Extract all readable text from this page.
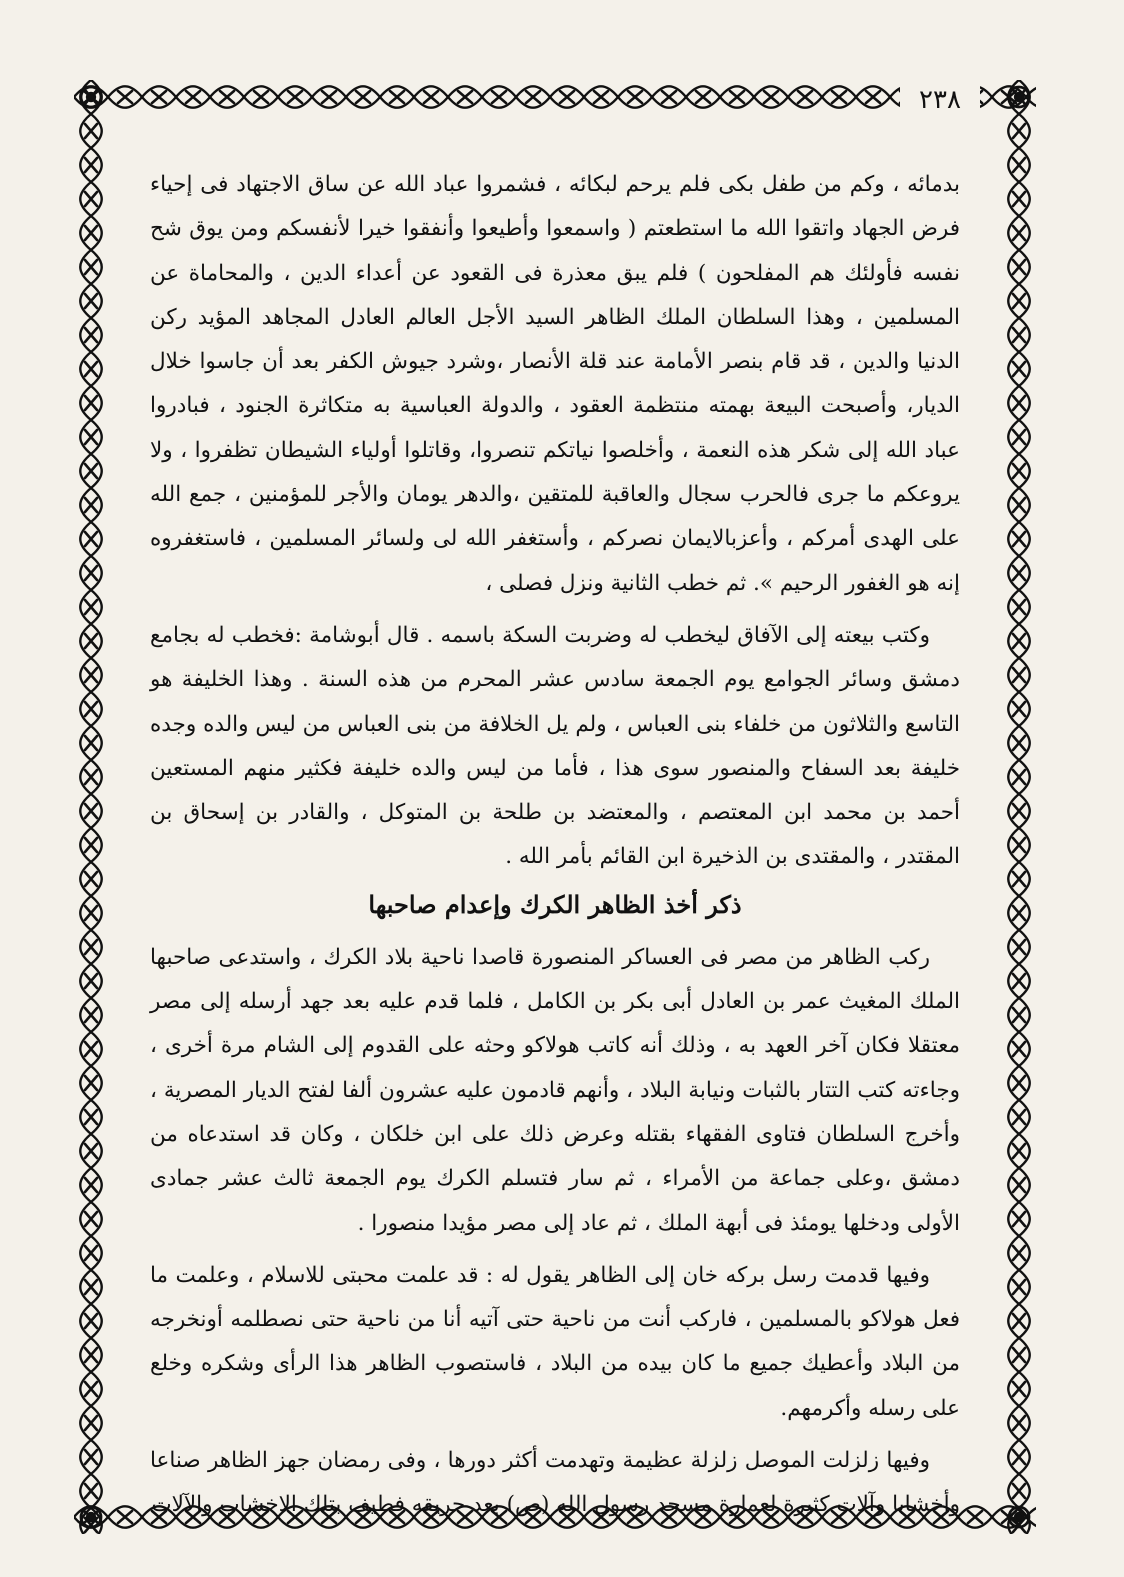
٢٣٨

بدمائه ، وكم من طفل بكى فلم يرحم لبكائه ، فشمروا عباد الله عن ساق الاجتهاد فى إحياء فرض الجهاد واتقوا الله ما استطعتم ( واسمعوا وأطيعوا وأنفقوا خيرا لأنفسكم ومن يوق شح نفسه فأولئك هم المفلحون ) فلم يبق معذرة فى القعود عن أعداء الدين ، والمحاماة عن المسلمين ، وهذا السلطان الملك الظاهر السيد الأجل العالم العادل المجاهد المؤيد ركن الدنيا والدين ، قد قام بنصر الأمامة عند قلة الأنصار ،وشرد جيوش الكفر بعد أن جاسوا خلال الديار، وأصبحت البيعة بهمته منتظمة العقود ، والدولة العباسية به متكاثرة الجنود ، فبادروا عباد الله إلى شكر هذه النعمة ، وأخلصوا نياتكم تنصروا، وقاتلوا أولياء الشيطان تظفروا ، ولا يروعكم ما جرى فالحرب سجال والعاقبة للمتقين ،والدهر يومان والأجر للمؤمنين ، جمع الله على الهدى أمركم ، وأعزبالايمان نصركم ، وأستغفر الله لى ولسائر المسلمين ، فاستغفروه إنه هو الغفور الرحيم ». ثم خطب الثانية ونزل فصلى ،

وكتب بيعته إلى الآفاق ليخطب له وضربت السكة باسمه . قال أبوشامة :فخطب له بجامع دمشق وسائر الجوامع يوم الجمعة سادس عشر المحرم من هذه السنة . وهذا الخليفة هو التاسع والثلاثون من خلفاء بنى العباس ، ولم يل الخلافة من بنى العباس من ليس والده وجده خليفة بعد السفاح والمنصور سوى هذا ، فأما من ليس والده خليفة فكثير منهم المستعين أحمد بن محمد ابن المعتصم ، والمعتضد بن طلحة بن المتوكل ، والقادر بن إسحاق بن المقتدر ، والمقتدى بن الذخيرة ابن القائم بأمر الله .

ذكر أخذ الظاهر الكرك وإعدام صاحبها

ركب الظاهر من مصر فى العساكر المنصورة قاصدا ناحية بلاد الكرك ، واستدعى صاحبها الملك المغيث عمر بن العادل أبى بكر بن الكامل ، فلما قدم عليه بعد جهد أرسله إلى مصر معتقلا فكان آخر العهد به ، وذلك أنه كاتب هولاكو وحثه على القدوم إلى الشام مرة أخرى ، وجاءته كتب التتار بالثبات ونيابة البلاد ، وأنهم قادمون عليه عشرون ألفا لفتح الديار المصرية ، وأخرج السلطان فتاوى الفقهاء بقتله وعرض ذلك على ابن خلكان ، وكان قد استدعاه من دمشق ،وعلى جماعة من الأمراء ، ثم سار فتسلم الكرك يوم الجمعة ثالث عشر جمادى الأولى ودخلها يومئذ فى أبهة الملك ، ثم عاد إلى مصر مؤيدا منصورا .

وفيها قدمت رسل بركه خان إلى الظاهر يقول له : قد علمت محبتى للاسلام ، وعلمت ما فعل هولاكو بالمسلمين ، فاركب أنت من ناحية حتى آتيه أنا من ناحية حتى نصطلمه أونخرجه من البلاد وأعطيك جميع ما كان بيده من البلاد ، فاستصوب الظاهر هذا الرأى وشكره وخلع على رسله وأكرمهم.

وفيها زلزلت الموصل زلزلة عظيمة وتهدمت أكثر دورها ، وفى رمضان جهز الظاهر صناعا وأخشابا وآلات كثيرة لعمارة مسجد رسول الله (ص) بعد حريقه فطيف بتلك الاخشاب والآلات
